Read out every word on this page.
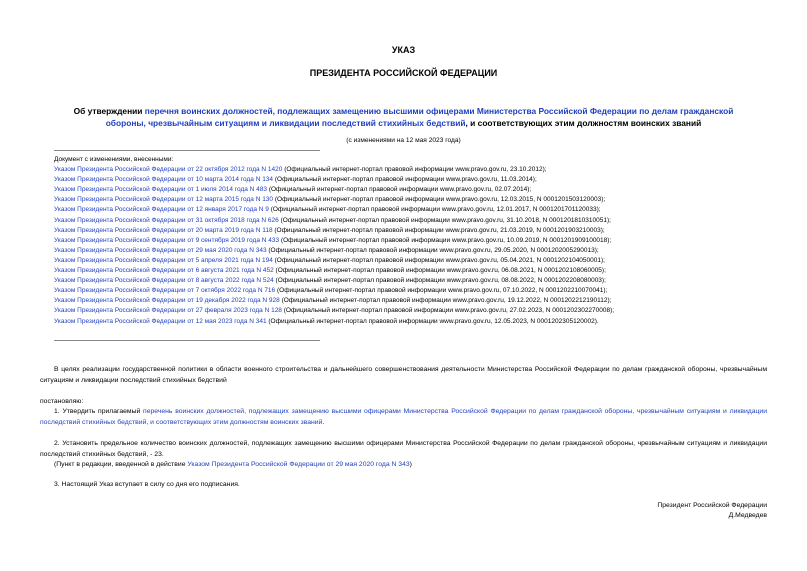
УКАЗ
ПРЕЗИДЕНТА РОССИЙСКОЙ ФЕДЕРАЦИИ
Об утверждении перечня воинских должностей, подлежащих замещению высшими офицерами Министерства Российской Федерации по делам гражданской
обороны, чрезвычайным ситуациям и ликвидации последствий стихийных бедствий, и соответствующих этим должностям воинских званий
(с изменениями на 12 мая 2023 года)
Документ с изменениями, внесенными:
Указом Президента Российской Федерации от 22 октября 2012 года N 1420 (Официальный интернет-портал правовой информации www.pravo.gov.ru, 23.10.2012);
Указом Президента Российской Федерации от 10 марта 2014 года N 134 (Официальный интернет-портал правовой информации www.pravo.gov.ru, 11.03.2014);
Указом Президента Российской Федерации от 1 июля 2014 года N 483 (Официальный интернет-портал правовой информации www.pravo.gov.ru, 02.07.2014);
Указом Президента Российской Федерации от 12 марта 2015 года N 130 (Официальный интернет-портал правовой информации www.pravo.gov.ru, 12.03.2015, N 0001201503120003);
Указом Президента Российской Федерации от 12 января 2017 года N 9 (Официальный интернет-портал правовой информации www.pravo.gov.ru, 12.01.2017, N 0001201701120033);
Указом Президента Российской Федерации от 31 октября 2018 года N 626 (Официальный интернет-портал правовой информации www.pravo.gov.ru, 31.10.2018, N 0001201810310051);
Указом Президента Российской Федерации от 20 марта 2019 года N 118 (Официальный интернет-портал правовой информации www.pravo.gov.ru, 21.03.2019, N 0001201903210003);
Указом Президента Российской Федерации от 9 сентября 2019 года N 433 (Официальный интернет-портал правовой информации www.pravo.gov.ru, 10.09.2019, N 0001201909100018);
Указом Президента Российской Федерации от 29 мая 2020 года N 343 (Официальный интернет-портал правовой информации www.pravo.gov.ru, 29.05.2020, N 0001202005290013);
Указом Президента Российской Федерации от 5 апреля 2021 года N 194 (Официальный интернет-портал правовой информации www.pravo.gov.ru, 05.04.2021, N 0001202104050001);
Указом Президента Российской Федерации от 6 августа 2021 года N 452 (Официальный интернет-портал правовой информации www.pravo.gov.ru, 06.08.2021, N 0001202108060005);
Указом Президента Российской Федерации от 8 августа 2022 года N 524 (Официальный интернет-портал правовой информации www.pravo.gov.ru, 08.08.2022, N 0001202208080003);
Указом Президента Российской Федерации от 7 октября 2022 года N 716 (Официальный интернет-портал правовой информации www.pravo.gov.ru, 07.10.2022, N 0001202210070041);
Указом Президента Российской Федерации от 19 декабря 2022 года N 928 (Официальный интернет-портал правовой информации www.pravo.gov.ru, 19.12.2022, N 0001202212190112);
Указом Президента Российской Федерации от 27 февраля 2023 года N 128 (Официальный интернет-портал правовой информации www.pravo.gov.ru, 27.02.2023, N 0001202302270008);
Указом Президента Российской Федерации от 12 мая 2023 года N 341 (Официальный интернет-портал правовой информации www.pravo.gov.ru, 12.05.2023, N 0001202305120002).
В целях реализации государственной политики в области военного строительства и дальнейшего совершенствования деятельности Министерства Российской Федерации по делам гражданской обороны, чрезвычайным ситуациям и ликвидации последствий стихийных бедствий
постановляю:
1. Утвердить прилагаемый перечень воинских должностей, подлежащих замещению высшими офицерами Министерства Российской Федерации по делам гражданской обороны, чрезвычайным ситуациям и ликвидации последствий стихийных бедствий, и соответствующих этим должностям воинских званий.
2. Установить предельное количество воинских должностей, подлежащих замещению высшими офицерами Министерства Российской Федерации по делам гражданской обороны, чрезвычайным ситуациям и ликвидации последствий стихийных бедствий, - 23.
(Пункт в редакции, введенной в действие Указом Президента Российской Федерации от 29 мая 2020 года N 343)
3. Настоящий Указ вступает в силу со дня его подписания.
Президент Российской Федерации
Д.Медведев
